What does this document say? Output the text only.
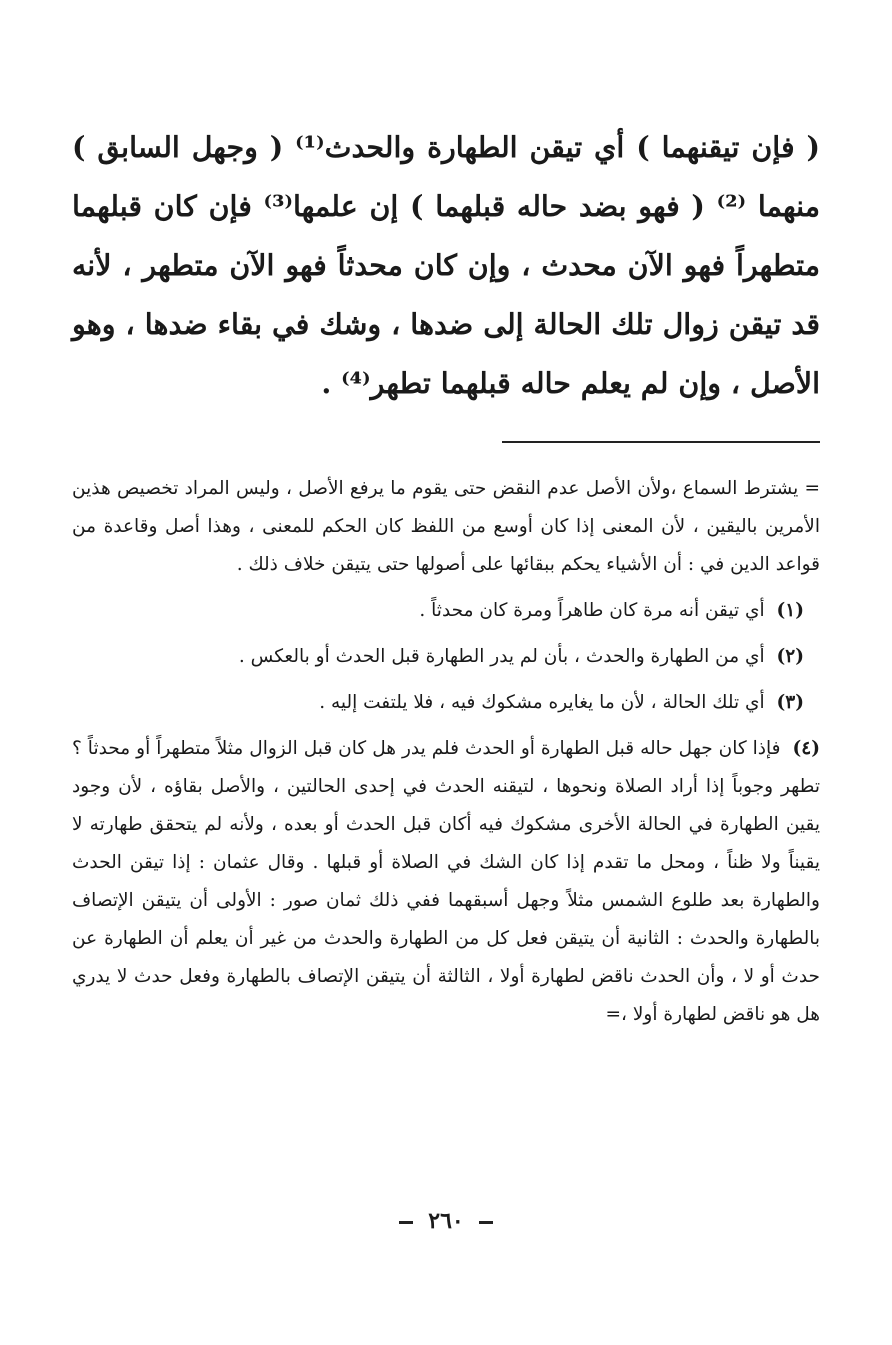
( فإن تيقنهما ) أي تيقن الطهارة والحدث⁽¹⁾ ( وجهل السابق ) منهما ⁽²⁾ ( فهو بضد حاله قبلهما ) إن علمها⁽³⁾ فإن كان قبلهما متطهراً فهو الآن محدث ، وإن كان محدثاً فهو الآن متطهر ، لأنه قد تيقن زوال تلك الحالة إلى ضدها ، وشك في بقاء ضدها ، وهو الأصل ، وإن لم يعلم حاله قبلهما تطهر⁽⁴⁾ .

= يشترط السماع ،ولأن الأصل عدم النقض حتى يقوم ما يرفع الأصل ، وليس المراد تخصيص هذين الأمرين باليقين ، لأن المعنى إذا كان أوسع من اللفظ كان الحكم للمعنى ، وهذا أصل وقاعدة من قواعد الدين في : أن الأشياء يحكم ببقائها على أصولها حتى يتيقن خلاف ذلك .

(١) أي تيقن أنه مرة كان طاهراً ومرة كان محدثاً .

(٢) أي من الطهارة والحدث ، بأن لم يدر الطهارة قبل الحدث أو بالعكس .

(٣) أي تلك الحالة ، لأن ما يغايره مشكوك فيه ، فلا يلتفت إليه .

(٤) فإذا كان جهل حاله قبل الطهارة أو الحدث فلم يدر هل كان قبل الزوال مثلاً متطهراً أو محدثاً ؟ تطهر وجوباً إذا أراد الصلاة ونحوها ، لتيقنه الحدث في إحدى الحالتين ، والأصل بقاؤه ، لأن وجود يقين الطهارة في الحالة الأخرى مشكوك فيه أكان قبل الحدث أو بعده ، ولأنه لم يتحقق طهارته لا يقيناً ولا ظناً ، ومحل ما تقدم إذا كان الشك في الصلاة أو قبلها . وقال عثمان : إذا تيقن الحدث والطهارة بعد طلوع الشمس مثلاً وجهل أسبقهما ففي ذلك ثمان صور : الأولى أن يتيقن الإتصاف بالطهارة والحدث : الثانية أن يتيقن فعل كل من الطهارة والحدث من غير أن يعلم أن الطهارة عن حدث أو لا ، وأن الحدث ناقض لطهارة أولا ، الثالثة أن يتيقن الإتصاف بالطهارة وفعل حدث لا يدري هل هو ناقض لطهارة أولا ،=

٢٦٠
